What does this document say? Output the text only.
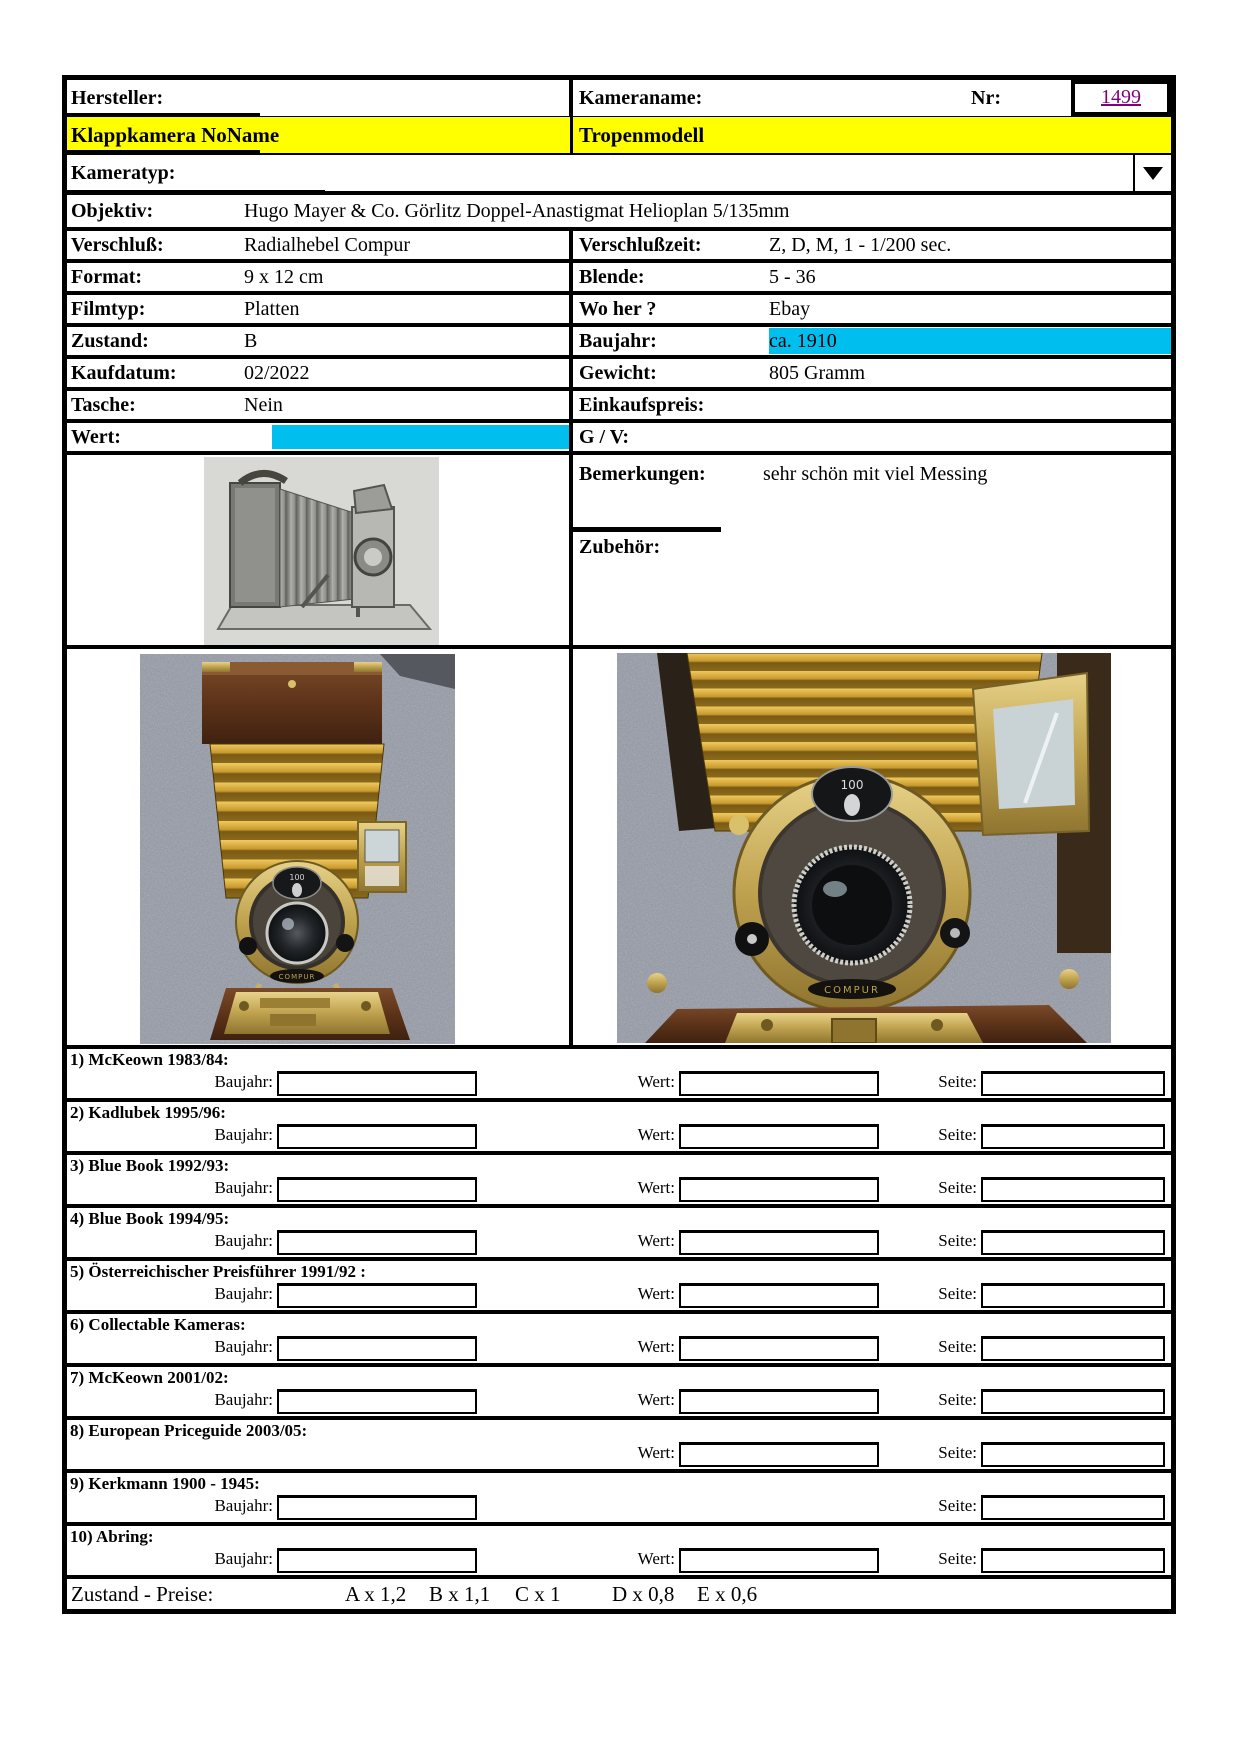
Hersteller:	Kameraname:	Nr:	1499
Klappkamera NoName	Tropenmodell
Kameratyp:
Objektiv:	Hugo Mayer & Co. Görlitz Doppel-Anastigmat Helioplan 5/135mm
Verschluß:	Radialhebel Compur	Verschlußzeit:	Z, D, M, 1 - 1/200 sec.
Format:	9 x 12 cm	Blende:	5 - 36
Filmtyp:	Platten	Wo her ?	Ebay
Zustand:	B	Baujahr:	ca. 1910
Kaufdatum:	02/2022	Gewicht:	805 Gramm
Tasche:	Nein	Einkaufspreis:
Wert:	G / V:
Bemerkungen:	sehr schön mit viel Messing
Zubehör:
100
COMPUR
100
COMPUR
1) McKeown 1983/84:
Baujahr:	Wert:	Seite:
2) Kadlubek 1995/96:
Baujahr:	Wert:	Seite:
3) Blue Book 1992/93:
Baujahr:	Wert:	Seite:
4) Blue Book 1994/95:
Baujahr:	Wert:	Seite:
5) Österreichischer Preisführer 1991/92 :
Baujahr:	Wert:	Seite:
6) Collectable Kameras:
Baujahr:	Wert:	Seite:
7) McKeown 2001/02:
Baujahr:	Wert:	Seite:
8) European Priceguide 2003/05:
Wert:	Seite:
9) Kerkmann 1900 - 1945:
Baujahr:	Seite:
10) Abring:
Baujahr:	Wert:	Seite:
Zustand - Preise:	A x 1,2 B x 1,1 C x 1 D x 0,8 E x 0,6
